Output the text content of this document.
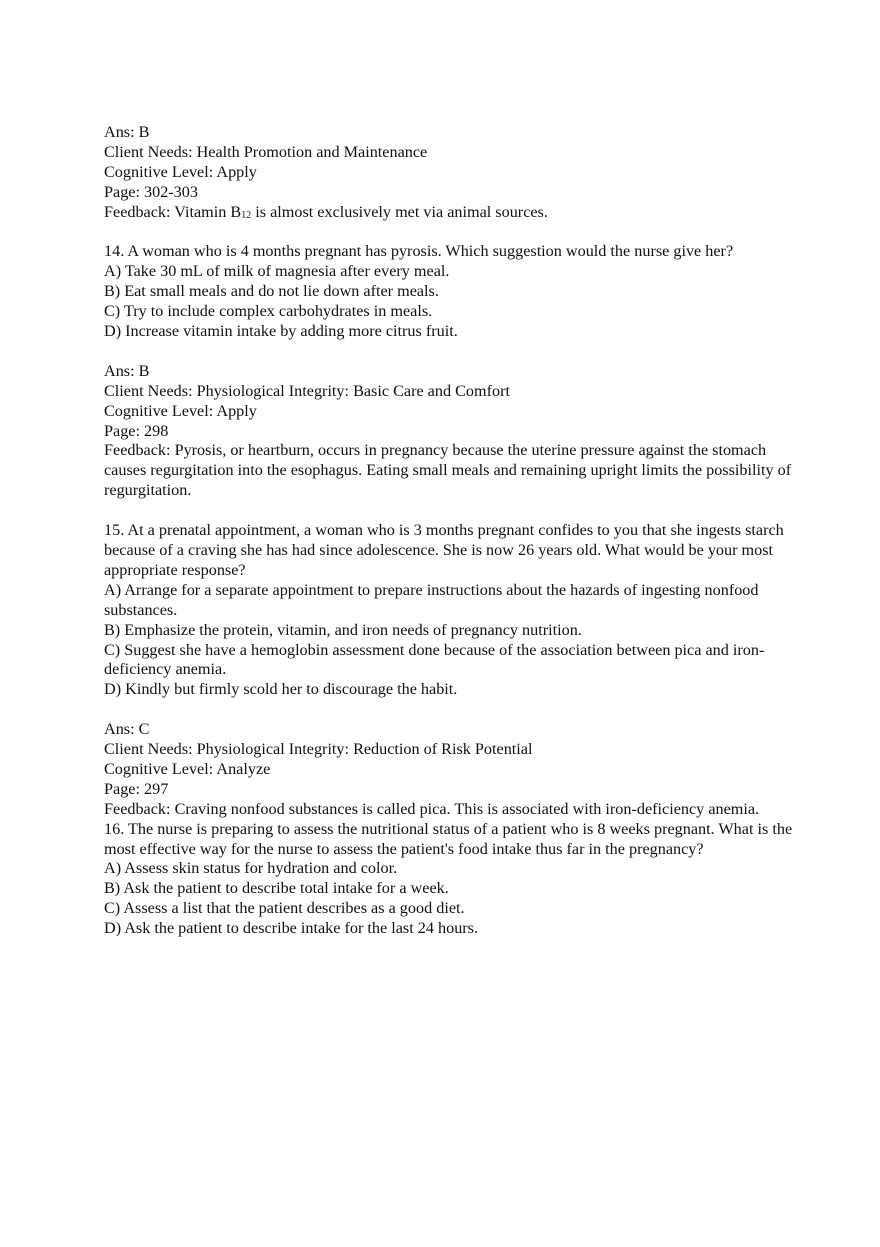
Ans: B
Client Needs: Health Promotion and Maintenance
Cognitive Level: Apply
Page: 302-303
Feedback: Vitamin $B_{12}$ is almost exclusively met via animal sources.
14. A woman who is 4 months pregnant has pyrosis. Which suggestion would the nurse give her?
A) Take 30 mL of milk of magnesia after every meal.
B) Eat small meals and do not lie down after meals.
C) Try to include complex carbohydrates in meals.
D) Increase vitamin intake by adding more citrus fruit.
Ans: B
Client Needs: Physiological Integrity: Basic Care and Comfort
Cognitive Level: Apply
Page: 298
Feedback: Pyrosis, or heartburn, occurs in pregnancy because the uterine pressure against the stomach causes regurgitation into the esophagus. Eating small meals and remaining upright limits the possibility of regurgitation.
15. At a prenatal appointment, a woman who is 3 months pregnant confides to you that she ingests starch because of a craving she has had since adolescence. She is now 26 years old. What would be your most appropriate response?
A) Arrange for a separate appointment to prepare instructions about the hazards of ingesting nonfood substances.
B) Emphasize the protein, vitamin, and iron needs of pregnancy nutrition.
C) Suggest she have a hemoglobin assessment done because of the association between pica and iron-deficiency anemia.
D) Kindly but firmly scold her to discourage the habit.
Ans: C
Client Needs: Physiological Integrity: Reduction of Risk Potential
Cognitive Level: Analyze
Page: 297
Feedback: Craving nonfood substances is called pica. This is associated with iron-deficiency anemia.
16. The nurse is preparing to assess the nutritional status of a patient who is 8 weeks pregnant. What is the most effective way for the nurse to assess the patient's food intake thus far in the pregnancy?
A) Assess skin status for hydration and color.
B) Ask the patient to describe total intake for a week.
C) Assess a list that the patient describes as a good diet.
D) Ask the patient to describe intake for the last 24 hours.
